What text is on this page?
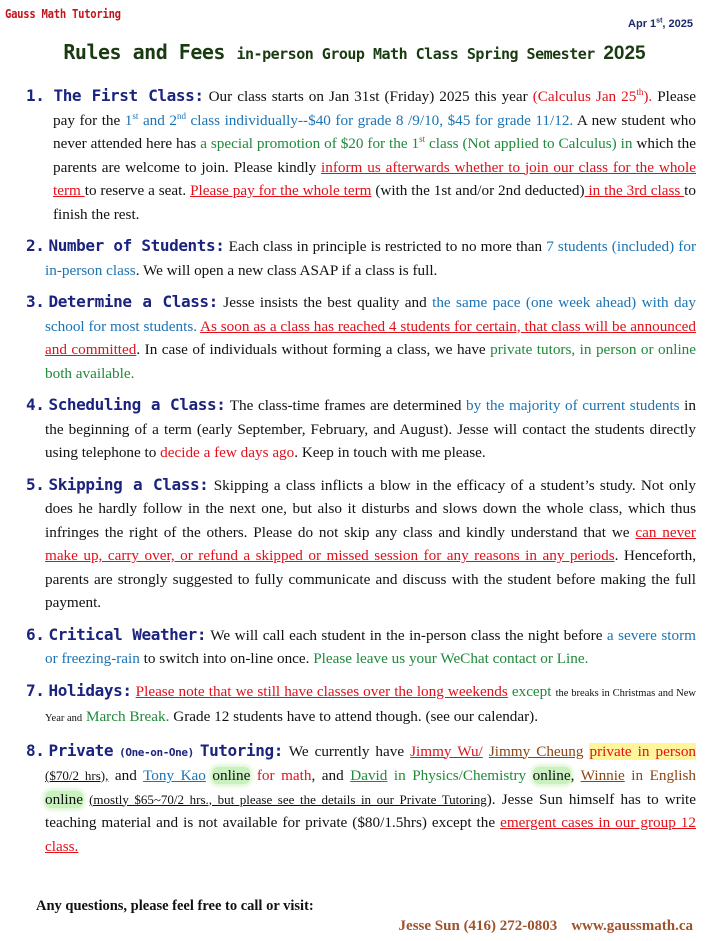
Gauss Math Tutoring
Apr 1st, 2025
Rules and Fees in-person Group Math Class Spring Semester 2025
1. The First Class: Our class starts on Jan 31st (Friday) 2025 this year (Calculus Jan 25th). Please pay for the 1st and 2nd class individually--$40 for grade 8 /9/10, $45 for grade 11/12. A new student who never attended here has a special promotion of $20 for the 1st class (Not applied to Calculus) in which the parents are welcome to join. Please kindly inform us afterwards whether to join our class for the whole term to reserve a seat. Please pay for the whole term (with the 1st and/or 2nd deducted) in the 3rd class to finish the rest.
2. Number of Students: Each class in principle is restricted to no more than 7 students (included) for in-person class. We will open a new class ASAP if a class is full.
3. Determine a Class: Jesse insists the best quality and the same pace (one week ahead) with day school for most students. As soon as a class has reached 4 students for certain, that class will be announced and committed. In case of individuals without forming a class, we have private tutors, in person or online both available.
4. Scheduling a Class: The class-time frames are determined by the majority of current students in the beginning of a term (early September, February, and August). Jesse will contact the students directly using telephone to decide a few days ago. Keep in touch with me please.
5. Skipping a Class: Skipping a class inflicts a blow in the efficacy of a student’s study. Not only does he hardly follow in the next one, but also it disturbs and slows down the whole class, which thus infringes the right of the others. Please do not skip any class and kindly understand that we can never make up, carry over, or refund a skipped or missed session for any reasons in any periods. Henceforth, parents are strongly suggested to fully communicate and discuss with the student before making the full payment.
6. Critical Weather: We will call each student in the in-person class the night before a severe storm or freezing-rain to switch into on-line once. Please leave us your WeChat contact or Line.
7. Holidays: Please note that we still have classes over the long weekends except the breaks in Christmas and New Year and March Break. Grade 12 students have to attend though. (see our calendar).
8. Private (One-on-One) Tutoring: We currently have Jimmy Wu/ Jimmy Cheung private in person ($70/2 hrs), and Tony Kao online for math, and David in Physics/Chemistry online, Winnie in English online (mostly $65~70/2 hrs., but please see the details in our Private Tutoring). Jesse Sun himself has to write teaching material and is not available for private ($80/1.5hrs) except the emergent cases in our group 12 class.
Any questions, please feel free to call or visit:
Jesse Sun (416) 272-0803 www.gaussmath.ca
